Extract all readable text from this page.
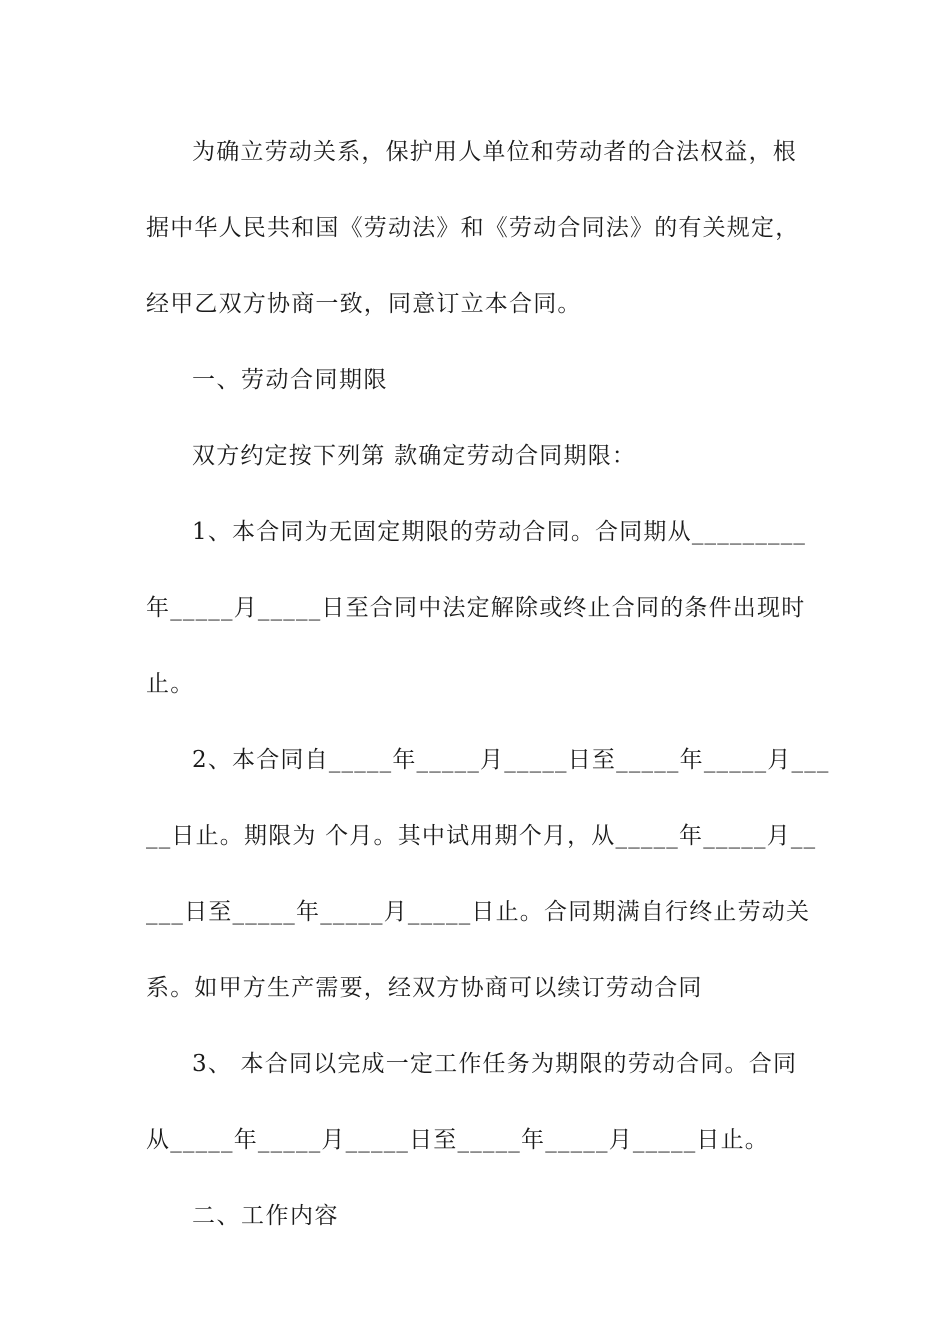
为确立劳动关系，保护用人单位和劳动者的合法权益，根
据中华人民共和国《劳动法》和《劳动合同法》的有关规定，
经甲乙双方协商一致，同意订立本合同。
一、劳动合同期限
双方约定按下列第 款确定劳动合同期限：
1、本合同为无固定期限的劳动合同。合同期从_________
年_____月_____日至合同中法定解除或终止合同的条件出现时
止。
2、本合同自_____年_____月_____日至_____年_____月___
__日止。期限为 个月。其中试用期个月，从_____年_____月__
___日至_____年_____月_____日止。合同期满自行终止劳动关
系。如甲方生产需要，经双方协商可以续订劳动合同
3、 本合同以完成一定工作任务为期限的劳动合同。合同
从_____年_____月_____日至_____年_____月_____日止。
二、工作内容
